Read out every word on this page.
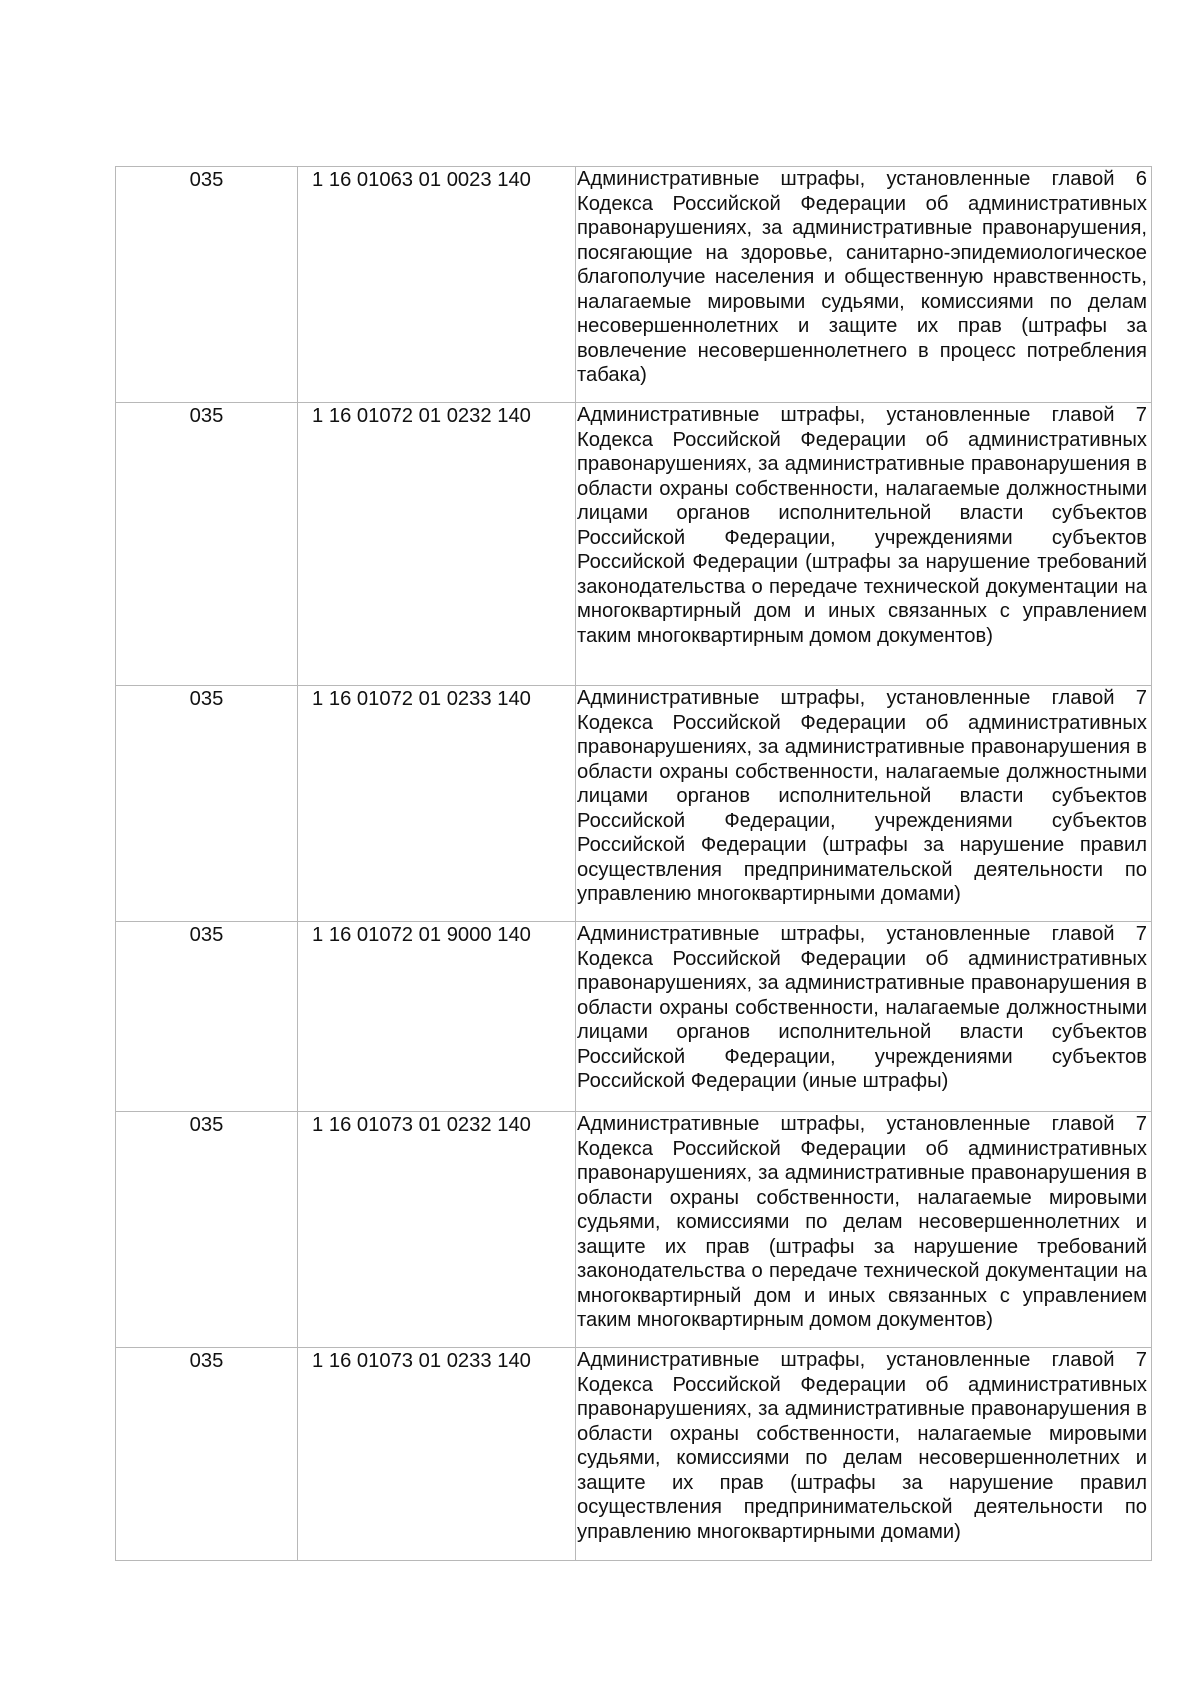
035	1 16 01063 01 0023 140	Административные штрафы, установленные главой 6 Кодекса Российской Федерации об административных правонарушениях, за административные правонарушения, посягающие на здоровье, санитарно-эпидемиологическое благополучие населения и общественную нравственность, налагаемые мировыми судьями, комиссиями по делам несовершеннолетних и защите их прав (штрафы за вовлечение несовершеннолетнего в процесс потребления табака)

035	1 16 01072 01 0232 140	Административные штрафы, установленные главой 7 Кодекса Российской Федерации об административных правонарушениях, за административные правонарушения в области охраны собственности, налагаемые должностными лицами органов исполнительной власти субъектов Российской Федерации, учреждениями субъектов Российской Федерации (штрафы за нарушение требований законодательства о передаче технической документации на многоквартирный дом и иных связанных с управлением таким многоквартирным домом документов)

035	1 16 01072 01 0233 140	Административные штрафы, установленные главой 7 Кодекса Российской Федерации об административных правонарушениях, за административные правонарушения в области охраны собственности, налагаемые должностными лицами органов исполнительной власти субъектов Российской Федерации, учреждениями субъектов Российской Федерации (штрафы за нарушение правил осуществления предпринимательской деятельности по управлению многоквартирными домами)

035	1 16 01072 01 9000 140	Административные штрафы, установленные главой 7 Кодекса Российской Федерации об административных правонарушениях, за административные правонарушения в области охраны собственности, налагаемые должностными лицами органов исполнительной власти субъектов Российской Федерации, учреждениями субъектов Российской Федерации (иные штрафы)

035	1 16 01073 01 0232 140	Административные штрафы, установленные главой 7 Кодекса Российской Федерации об административных правонарушениях, за административные правонарушения в области охраны собственности, налагаемые мировыми судьями, комиссиями по делам несовершеннолетних и защите их прав (штрафы за нарушение требований законодательства о передаче технической документации на многоквартирный дом и иных связанных с управлением таким многоквартирным домом документов)

035	1 16 01073 01 0233 140	Административные штрафы, установленные главой 7 Кодекса Российской Федерации об административных правонарушениях, за административные правонарушения в области охраны собственности, налагаемые мировыми судьями, комиссиями по делам несовершеннолетних и защите их прав (штрафы за нарушение правил осуществления предпринимательской деятельности по управлению многоквартирными домами)
